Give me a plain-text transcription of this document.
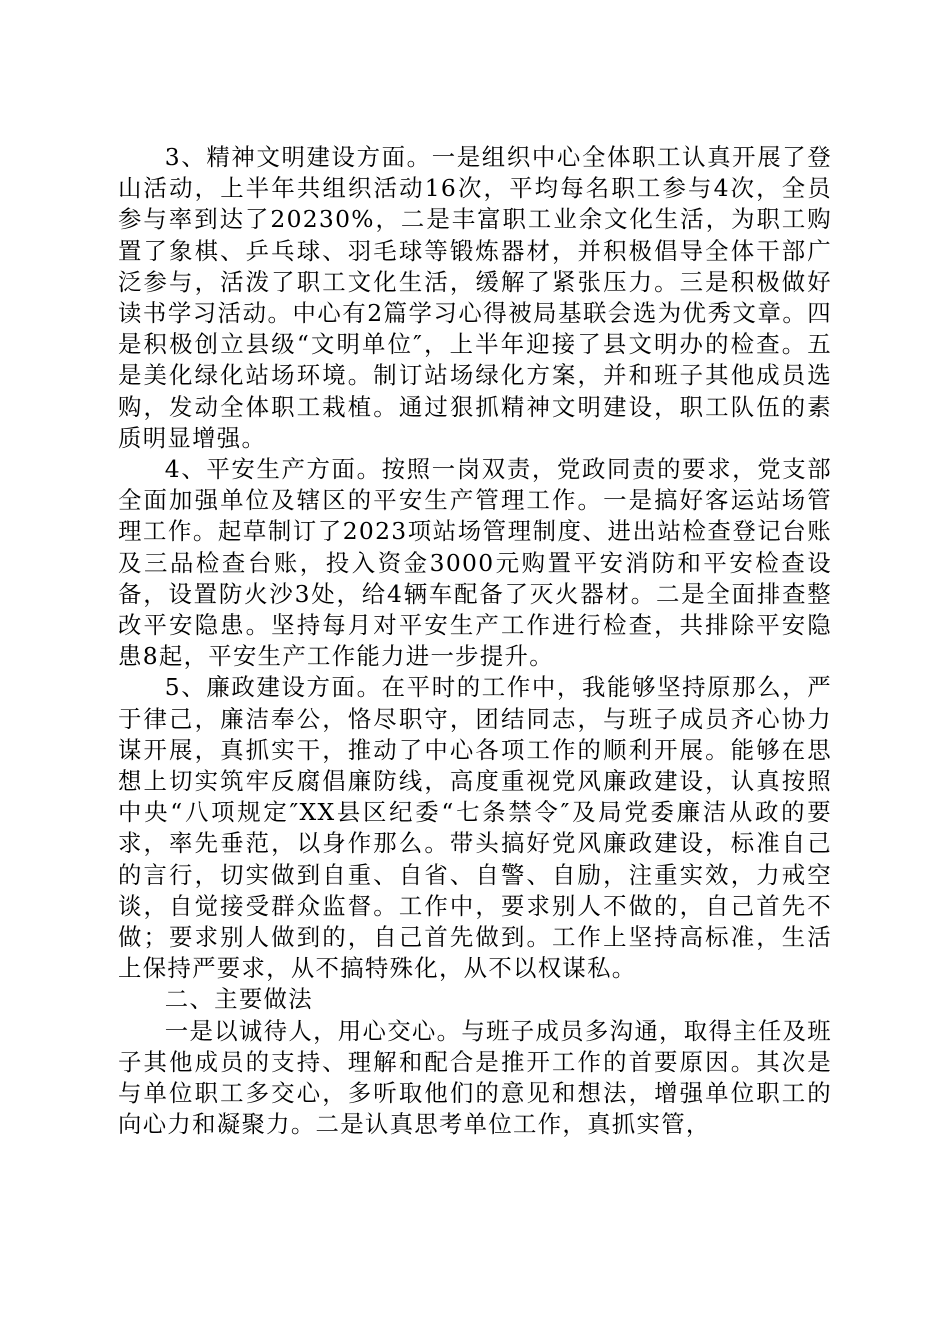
3、精神文明建设方面。一是组织中心全体职工认真开展了登山活动，上半年共组织活动16次，平均每名职工参与4次，全员参与率到达了20230%，二是丰富职工业余文化生活，为职工购置了象棋、乒乓球、羽毛球等锻炼器材，并积极倡导全体干部广泛参与，活泼了职工文化生活，缓解了紧张压力。三是积极做好读书学习活动。中心有2篇学习心得被局基联会选为优秀文章。四是积极创立县级“文明单位″，上半年迎接了县文明办的检查。五是美化绿化站场环境。制订站场绿化方案，并和班子其他成员选购，发动全体职工栽植。通过狠抓精神文明建设，职工队伍的素质明显增强。

4、平安生产方面。按照一岗双责，党政同责的要求，党支部全面加强单位及辖区的平安生产管理工作。一是搞好客运站场管理工作。起草制订了2023项站场管理制度、进出站检查登记台账及三品检查台账，投入资金3000元购置平安消防和平安检查设备，设置防火沙3处，给4辆车配备了灭火器材。二是全面排查整改平安隐患。坚持每月对平安生产工作进行检查，共排除平安隐患8起，平安生产工作能力进一步提升。

5、廉政建设方面。在平时的工作中，我能够坚持原那么，严于律己，廉洁奉公，恪尽职守，团结同志，与班子成员齐心协力谋开展，真抓实干，推动了中心各项工作的顺利开展。能够在思想上切实筑牢反腐倡廉防线，高度重视党风廉政建设，认真按照中央“八项规定″XX县区纪委“七条禁令″及局党委廉洁从政的要求，率先垂范，以身作那么。带头搞好党风廉政建设，标准自己的言行，切实做到自重、自省、自警、自励，注重实效，力戒空谈，自觉接受群众监督。工作中，要求别人不做的，自己首先不做；要求别人做到的，自己首先做到。工作上坚持高标准，生活上保持严要求，从不搞特殊化，从不以权谋私。

二、主要做法

一是以诚待人，用心交心。与班子成员多沟通，取得主任及班子其他成员的支持、理解和配合是推开工作的首要原因。其次是与单位职工多交心，多听取他们的意见和想法，增强单位职工的向心力和凝聚力。二是认真思考单位工作，真抓实管，
